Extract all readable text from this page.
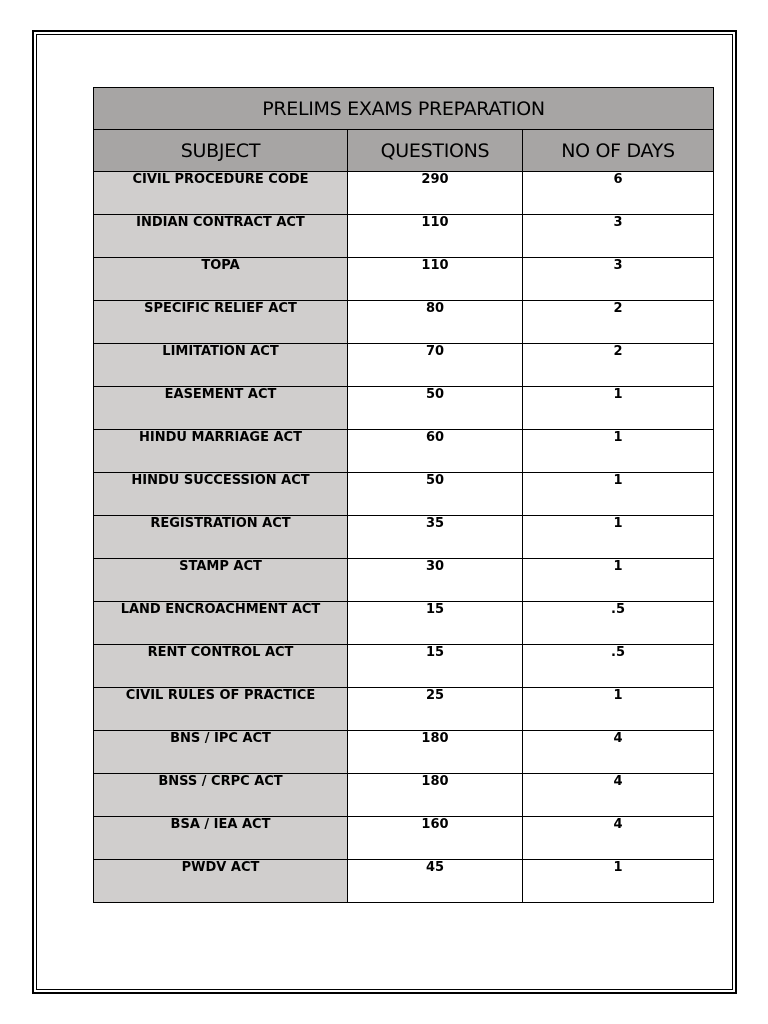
PRELIMS EXAMS PREPARATION		
SUBJECT	QUESTIONS	NO OF DAYS
CIVIL PROCEDURE CODE	290	6
INDIAN CONTRACT ACT	110	3
TOPA	110	3
SPECIFIC RELIEF ACT	80	2
LIMITATION ACT	70	2
EASEMENT ACT	50	1
HINDU MARRIAGE ACT	60	1
HINDU SUCCESSION ACT	50	1
REGISTRATION ACT	35	1
STAMP ACT	30	1
LAND ENCROACHMENT ACT	15	.5
RENT CONTROL ACT	15	.5
CIVIL RULES OF PRACTICE	25	1
BNS / IPC ACT	180	4
BNSS / CRPC ACT	180	4
BSA / IEA ACT	160	4
PWDV ACT	45	1
